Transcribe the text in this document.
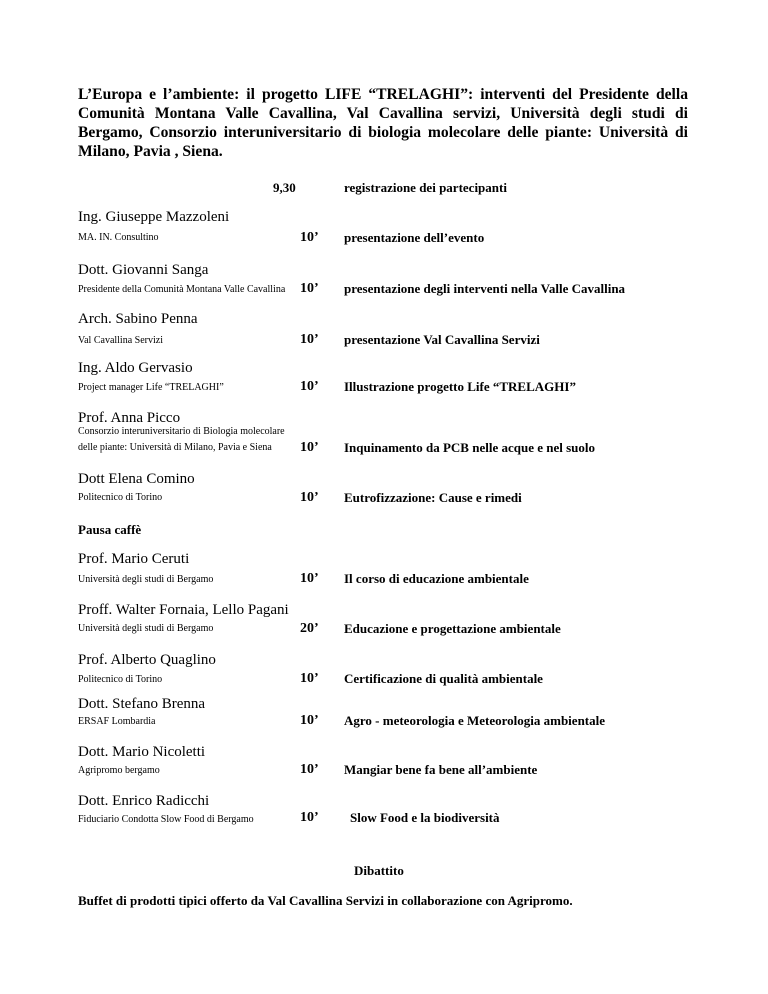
L’Europa e l’ambiente: il progetto LIFE “TRELAGHI”: interventi del Presidente della Comunità Montana Valle Cavallina, Val Cavallina servizi, Università degli studi di Bergamo, Consorzio interuniversitario di biologia molecolare delle piante: Università di Milano, Pavia , Siena.
9,30	registrazione dei partecipanti
Ing. Giuseppe Mazzoleni
MA. IN. Consultino	10’ presentazione dell’evento
Dott. Giovanni Sanga
Presidente della Comunità Montana Valle Cavallina 10’ presentazione degli interventi nella Valle Cavallina
Arch. Sabino Penna
Val Cavallina Servizi	10’ presentazione Val Cavallina Servizi
Ing. Aldo Gervasio
Project manager Life “TRELAGHI”	10’ Illustrazione progetto Life “TRELAGHI”
Prof. Anna Picco
Consorzio interuniversitario di Biologia molecolare
delle piante: Università di Milano, Pavia e Siena 10’ Inquinamento da PCB nelle acque e nel suolo
Dott Elena Comino
Politecnico di Torino	10’ Eutrofizzazione: Cause e rimedi
Pausa caffè
Prof. Mario Ceruti
Università degli studi di Bergamo	10’ Il corso di educazione ambientale
Proff. Walter Fornaia, Lello Pagani
Università degli studi di Bergamo	20’ Educazione e progettazione ambientale
Prof. Alberto Quaglino
Politecnico di Torino	10’ Certificazione di qualità ambientale
Dott. Stefano Brenna
ERSAF Lombardia	10’ Agro - meteorologia e Meteorologia ambientale
Dott. Mario Nicoletti
Agripromo bergamo	10’ Mangiar bene fa bene all’ambiente
Dott. Enrico Radicchi
Fiduciario Condotta Slow Food di Bergamo	10’ Slow Food e la biodiversità
Dibattito
Buffet di prodotti tipici offerto da Val Cavallina Servizi in collaborazione con Agripromo.
